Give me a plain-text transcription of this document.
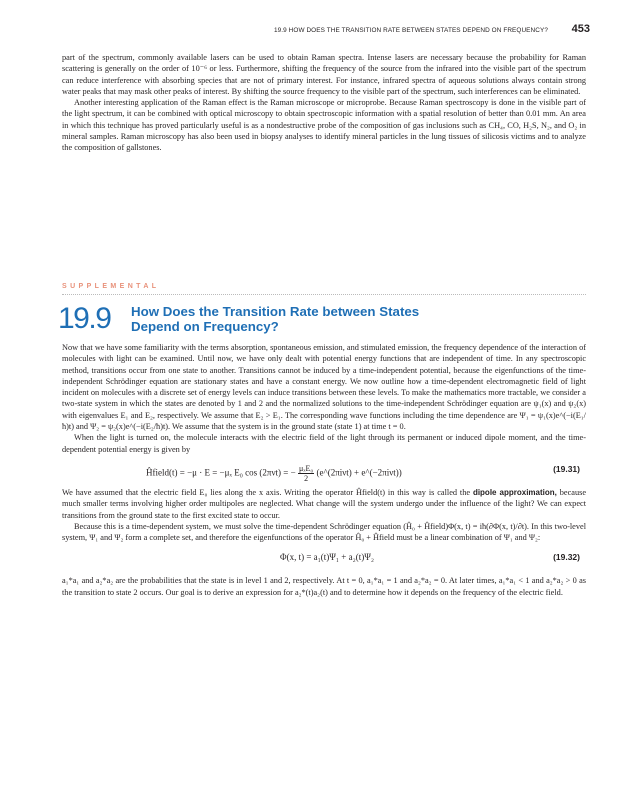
19.9 HOW DOES THE TRANSITION RATE BETWEEN STATES DEPEND ON FREQUENCY? 453

part of the spectrum, commonly available lasers can be used to obtain Raman spectra. Intense lasers are necessary because the probability for Raman scattering is generally on the order of 10⁻⁶ or less. Furthermore, shifting the frequency of the source from the infrared into the visible part of the spectrum can reduce interference with absorbing species that are not of primary interest. For instance, infrared spectra of aqueous solutions always contain strong water peaks that may mask other peaks of interest. By shifting the source frequency to the visible part of the spectrum, such interferences can be eliminated.

Another interesting application of the Raman effect is the Raman microscope or microprobe. Because Raman spectroscopy is done in the visible part of the light spectrum, it can be combined with optical microscopy to obtain spectroscopic information with a spatial resolution of better than 0.01 mm. An area in which this technique has proved particularly useful is as a nondestructive probe of the composition of gas inclusions such as CH₄, CO, H₂S, N₂, and O₂ in mineral samples. Raman microscopy has also been used in biopsy analyses to identify mineral particles in the lung tissues of silicosis victims and to analyze the composition of gallstones.

SUPPLEMENTAL
19.9 How Does the Transition Rate between States Depend on Frequency?

Now that we have some familiarity with the terms absorption, spontaneous emission, and stimulated emission, the frequency dependence of the interaction of molecules with light can be examined. Until now, we have only dealt with potential energy functions that are independent of time. In any spectroscopic method, transitions occur from one state to another. Transitions cannot be induced by a time-independent potential, because the eigenfunctions of the time-independent Schrödinger equation are stationary states and have a constant energy. We now outline how a time-dependent electromagnetic field of light incident on molecules with a discrete set of energy levels can induce transitions between these levels. To make the mathematics more tractable, we consider a two-state system in which the states are denoted by 1 and 2 and the normalized solutions to the time-independent Schrödinger equation are ψ₁(x) and ψ₂(x) with eigenvalues E₁ and E₂, respectively. We assume that E₂ > E₁. The corresponding wave functions including the time dependence are Ψ₁ = ψ₁(x)e^(−i(E₁/ħ)t) and Ψ₂ = ψ₂(x)e^(−i(E₂/ħ)t). We assume that the system is in the ground state (state 1) at time t = 0.

When the light is turned on, the molecule interacts with the electric field of the light through its permanent or induced dipole moment, and the time-dependent potential energy is given by

Ĥfield(t) = −μ · E = −μₓ E₀ cos (2πνt) = − $\frac{\text{μₓE₀}}{2}$ (e^(2πiνt) + e^(−2πiνt))	(19.31)

We have assumed that the electric field E₀ lies along the x axis. Writing the operator Ĥfield(t) in this way is called the dipole approximation, because much smaller terms involving higher order multipoles are neglected. What change will the system undergo under the influence of the light? We can expect transitions from the ground state to the first excited state to occur.

Because this is a time-dependent system, we must solve the time-dependent Schrödinger equation (Ĥ₀ + Ĥfield)Φ(x, t) = iħ(∂Φ(x, t)/∂t). In this two-level system, Ψ₁ and Ψ₂ form a complete set, and therefore the eigenfunctions of the operator Ĥ₀ + Ĥfield must be a linear combination of Ψ₁ and Ψ₂:

Φ(x, t) = a₁(t)Ψ₁ + a₂(t)Ψ₂	(19.32)

a₁*a₁ and a₂*a₂ are the probabilities that the state is in level 1 and 2, respectively. At t = 0, a₁*a₁ = 1 and a₂*a₂ = 0. At later times, a₁*a₁ < 1 and a₂*a₂ > 0 as the transition to state 2 occurs. Our goal is to derive an expression for a₂*(t)a₂(t) and to determine how it depends on the frequency of the electric field.
